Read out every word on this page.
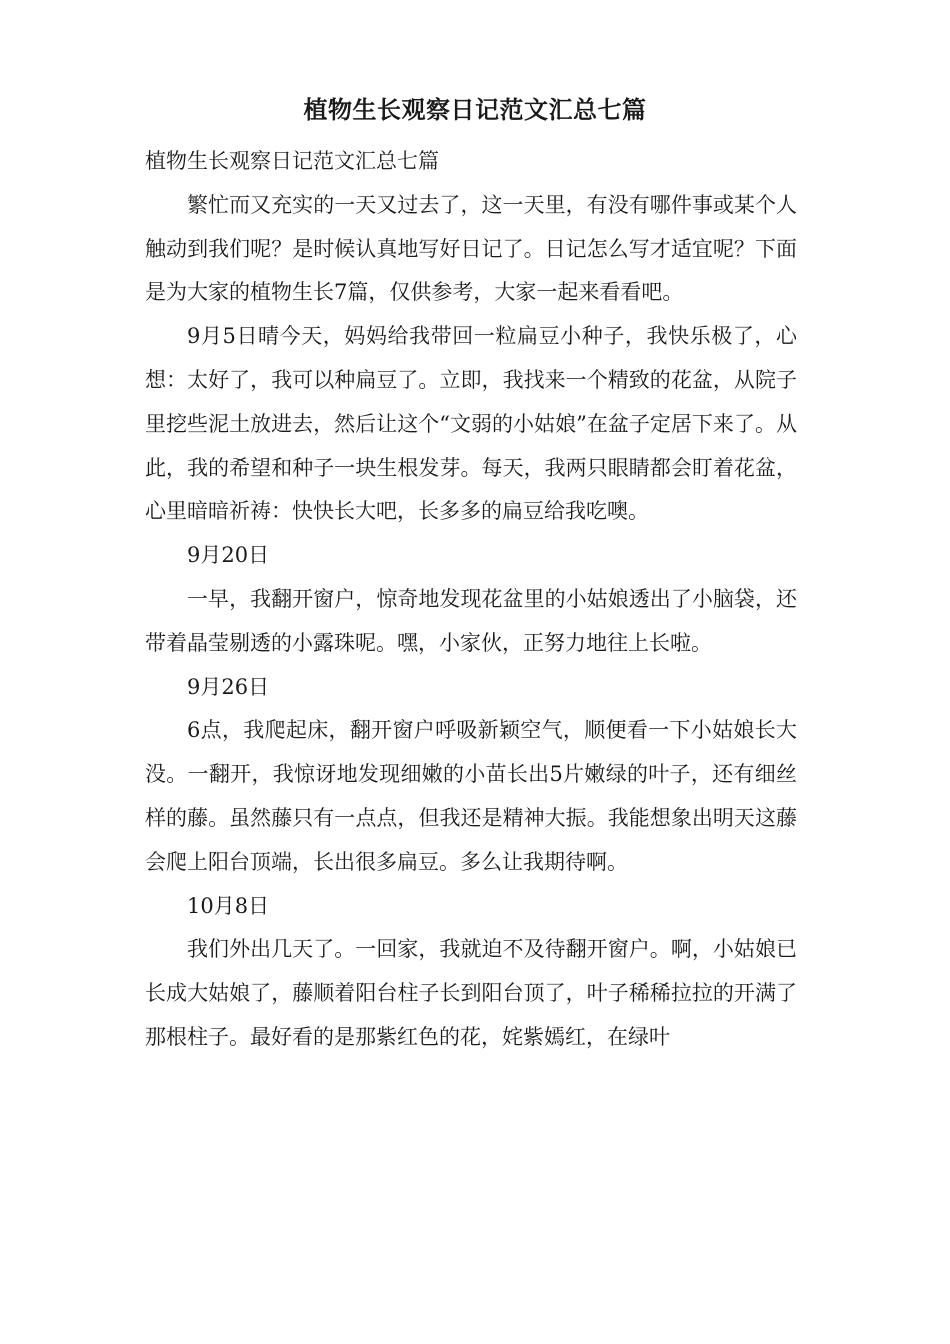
植物生长观察日记范文汇总七篇

植物生长观察日记范文汇总七篇

繁忙而又充实的一天又过去了，这一天里，有没有哪件事或某个人触动到我们呢？是时候认真地写好日记了。日记怎么写才适宜呢？下面是为大家的植物生长7篇，仅供参考，大家一起来看看吧。

9月5日晴今天，妈妈给我带回一粒扁豆小种子，我快乐极了，心想：太好了，我可以种扁豆了。立即，我找来一个精致的花盆，从院子里挖些泥土放进去，然后让这个“文弱的小姑娘”在盆子定居下来了。从此，我的希望和种子一块生根发芽。每天，我两只眼睛都会盯着花盆，心里暗暗祈祷：快快长大吧，长多多的扁豆给我吃噢。

9月20日

一早，我翻开窗户，惊奇地发现花盆里的小姑娘透出了小脑袋，还带着晶莹剔透的小露珠呢。嘿，小家伙，正努力地往上长啦。

9月26日

6点，我爬起床，翻开窗户呼吸新颖空气，顺便看一下小姑娘长大没。一翻开，我惊讶地发现细嫩的小苗长出5片嫩绿的叶子，还有细丝样的藤。虽然藤只有一点点，但我还是精神大振。我能想象出明天这藤会爬上阳台顶端，长出很多扁豆。多么让我期待啊。

10月8日

我们外出几天了。一回家，我就迫不及待翻开窗户。啊，小姑娘已长成大姑娘了，藤顺着阳台柱子长到阳台顶了，叶子稀稀拉拉的开满了那根柱子。最好看的是那紫红色的花，姹紫嫣红，在绿叶
